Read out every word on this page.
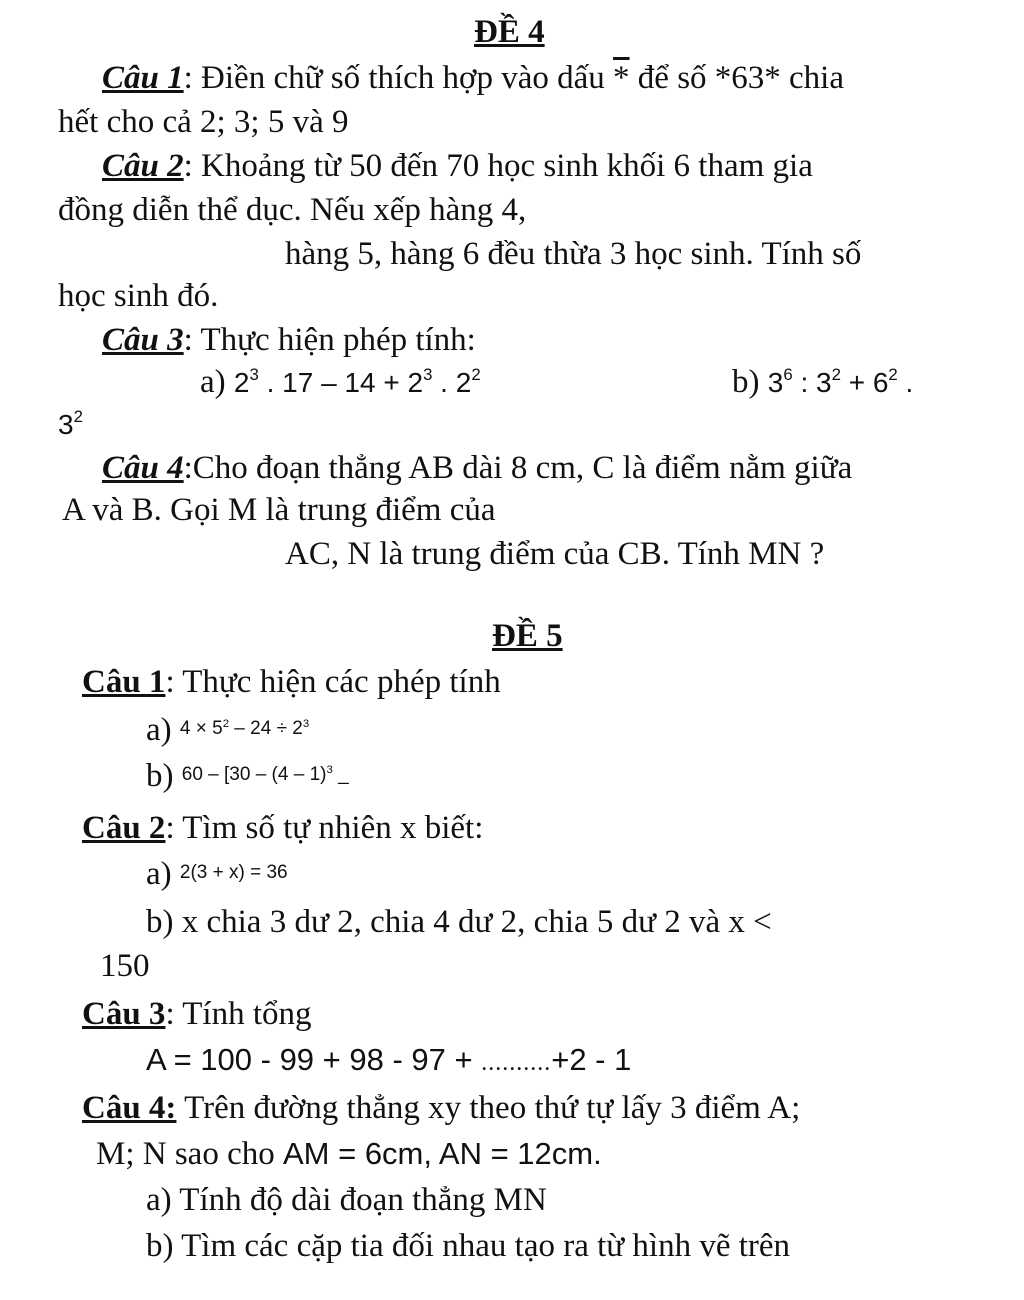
ĐỀ 4
Câu 1: Điền chữ số thích hợp vào dấu * để số *63* chia
hết cho cả 2; 3; 5 và 9
Câu 2: Khoảng từ 50 đến 70 học sinh khối 6 tham gia
đồng diễn thể dục. Nếu xếp hàng 4,
hàng 5, hàng 6 đều thừa 3 học sinh. Tính số
học sinh đó.
Câu 3: Thực hiện phép tính:
a) $2^3$ . $17 - 14 + 2^3$ . $2^2$	b) $3^6$ : $3^2 + 6^2$ .
$3^2$
Câu 4:Cho đoạn thẳng AB dài 8 cm, C là điểm nằm giữa
A và B. Gọi M là trung điểm của
AC, N là trung điểm của CB. Tính MN ?
ĐỀ 5
Câu 1: Thực hiện các phép tính
a) $4 \times 5^2 - 24 \div 2^3$
b) 60 – [30 – (4 – 1)$^3$ _
Câu 2: Tìm số tự nhiên x biết:
a) 2(3 + x) = 36
b) x chia 3 dư 2, chia 4 dư 2, chia 5 dư 2 và x <
150
Câu 3: Tính tổng
A = 100 - 99 + 98 - 97 + ..........+2 - 1
Câu 4: Trên đường thẳng xy theo thứ tự lấy 3 điểm A;
M; N sao cho AM = 6cm, AN = 12cm.
a) Tính độ dài đoạn thẳng MN
b) Tìm các cặp tia đối nhau tạo ra từ hình vẽ trên
